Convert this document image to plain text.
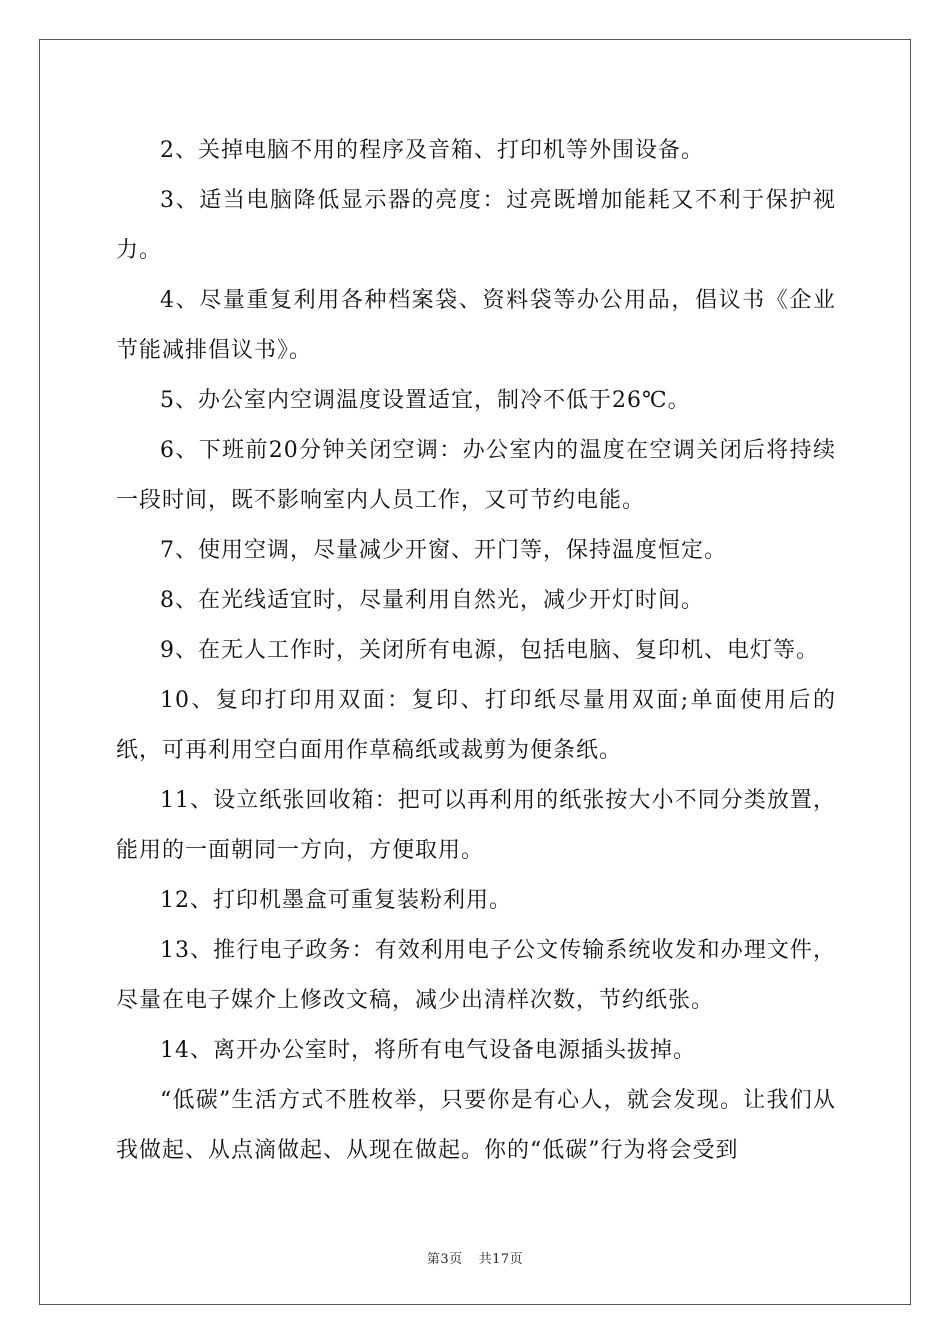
2、关掉电脑不用的程序及音箱、打印机等外围设备。

3、适当电脑降低显示器的亮度：过亮既增加能耗又不利于保护视力。

4、尽量重复利用各种档案袋、资料袋等办公用品，倡议书《企业节能减排倡议书》。

5、办公室内空调温度设置适宜，制冷不低于26℃。

6、下班前20分钟关闭空调：办公室内的温度在空调关闭后将持续一段时间，既不影响室内人员工作，又可节约电能。

7、使用空调，尽量减少开窗、开门等，保持温度恒定。

8、在光线适宜时，尽量利用自然光，减少开灯时间。

9、在无人工作时，关闭所有电源，包括电脑、复印机、电灯等。

10、复印打印用双面：复印、打印纸尽量用双面;单面使用后的纸，可再利用空白面用作草稿纸或裁剪为便条纸。

11、设立纸张回收箱：把可以再利用的纸张按大小不同分类放置，能用的一面朝同一方向，方便取用。

12、打印机墨盒可重复装粉利用。

13、推行电子政务：有效利用电子公文传输系统收发和办理文件，尽量在电子媒介上修改文稿，减少出清样次数，节约纸张。

14、离开办公室时，将所有电气设备电源插头拔掉。

“低碳”生活方式不胜枚举，只要你是有心人，就会发现。让我们从我做起、从点滴做起、从现在做起。你的“低碳”行为将会受到

第3页 共17页
